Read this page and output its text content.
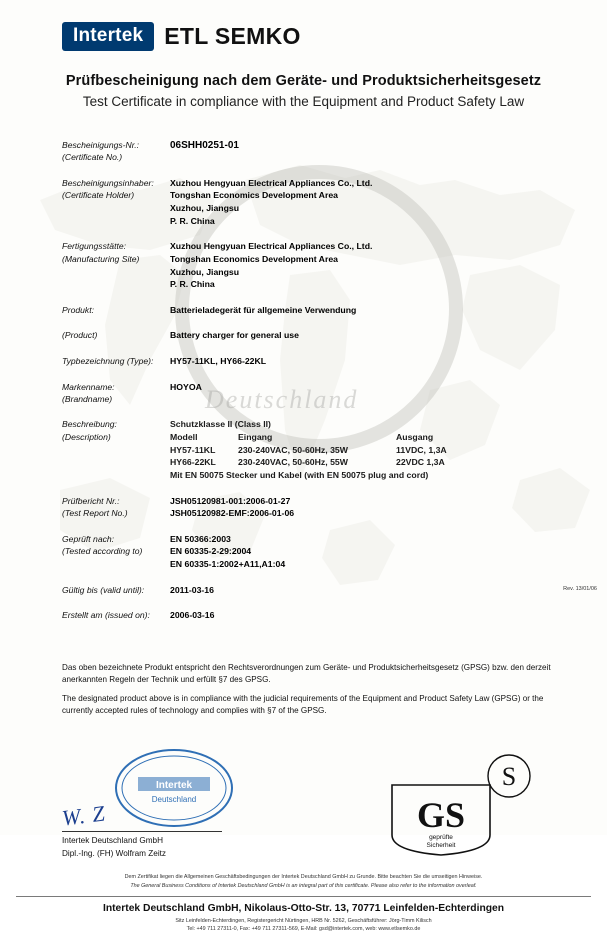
Deutschland
Intertek ETL SEMKO
Prüfbescheinigung nach dem Geräte- und Produktsicherheitsgesetz
Test Certificate in compliance with the Equipment and Product Safety Law
Bescheinigungs-Nr.:
(Certificate No.)
06SHH0251-01
Bescheinigungsinhaber:
(Certificate Holder)
Xuzhou Hengyuan Electrical Appliances Co., Ltd.
Tongshan Economics Development Area
Xuzhou, Jiangsu
P. R. China
Fertigungsstätte:
(Manufacturing Site)
Xuzhou Hengyuan Electrical Appliances Co., Ltd.
Tongshan Economics Development Area
Xuzhou, Jiangsu
P. R. China
Produkt:	Batterieladegerät für allgemeine Verwendung
(Product)	Battery charger for general use
Typbezeichnung (Type):	HY57-11KL, HY66-22KL
Markenname:
(Brandname)
HOYOA
Beschreibung:
(Description)
Schutzklasse II (Class II)
Modell	Eingang	Ausgang
HY57-11KL	230-240VAC, 50-60Hz, 35W	11VDC, 1,3A
HY66-22KL	230-240VAC, 50-60Hz, 55W	22VDC 1,3A
Mit EN 50075 Stecker und Kabel (with EN 50075 plug and cord)
Prüfbericht Nr.:
(Test Report No.)
JSH05120981-001:2006-01-27
JSH05120982-EMF:2006-01-06
Geprüft nach:
(Tested according to)
EN 50366:2003
EN 60335-2-29:2004
EN 60335-1:2002+A11,A1:04
Gültig bis (valid until):	2011-03-16
Erstellt am (issued on):	2006-03-16

Das oben bezeichnete Produkt entspricht den Rechtsverordnungen zum Geräte- und Produktsicherheitsgesetz (GPSG) bzw. den derzeit anerkannten Regeln der Technik und erfüllt §7 des GPSG.

The designated product above is in compliance with the judicial requirements of the Equipment and Product Safety Law (GPSG) or the currently accepted rules of technology and complies with §7 of the GPSG.

Intertek
Deutschland
W. Z
Intertek Deutschland GmbH
Dipl.-Ing. (FH) Wolfram Zeitz
S
GS
geprüfte
Sicherheit
Dem Zertifikat liegen die Allgemeinen Geschäftsbedingungen der Intertek Deutschland GmbH zu Grunde. Bitte beachten Sie die umseitigen Hinweise.
The General Business Conditions of Intertek Deutschland GmbH is an integral part of this certificate. Please also refer to the information overleaf.
Intertek Deutschland GmbH, Nikolaus-Otto-Str. 13, 70771 Leinfelden-Echterdingen
Sitz Leinfelden-Echterdingen, Registergericht Nürtingen, HRB Nr. 5262, Geschäftsführer: Jörg-Timm Kilisch
Tel: +49 711 27311-0, Fax: +49 711 27311-569, E-Mail: gsd@intertek.com, web: www.etlsemko.de
Rev. 13/01/06
